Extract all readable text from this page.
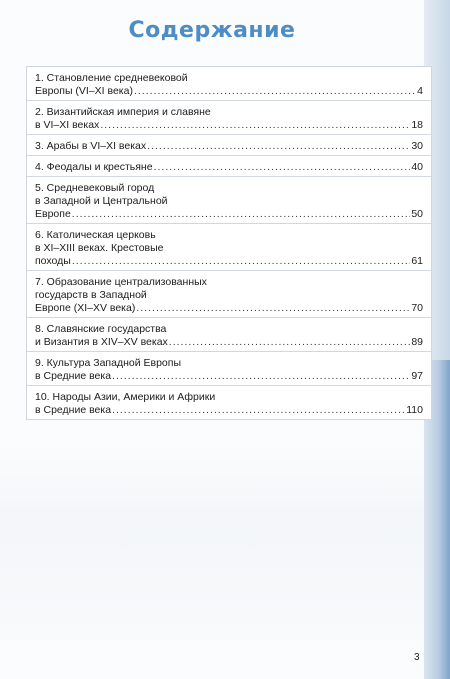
Содержание
1. Становление средневековой
Европы (VI–XI века) .....	4
2. Византийская империя и славяне
в VI–XI веках .....	18
3. Арабы в VI–XI веках .....	30
4. Феодалы и крестьяне .....	40
5. Средневековый город
в Западной и Центральной
Европе .....	50
6. Католическая церковь
в XI–XIII веках. Крестовые
походы .....	61
7. Образование централизованных
государств в Западной
Европе (XI–XV века) .....	70
8. Славянские государства
и Византия в XIV–XV веках .....	89
9. Культура Западной Европы
в Средние века .....	97
10. Народы Азии, Америки и Африки
в Средние века .....	110
3
